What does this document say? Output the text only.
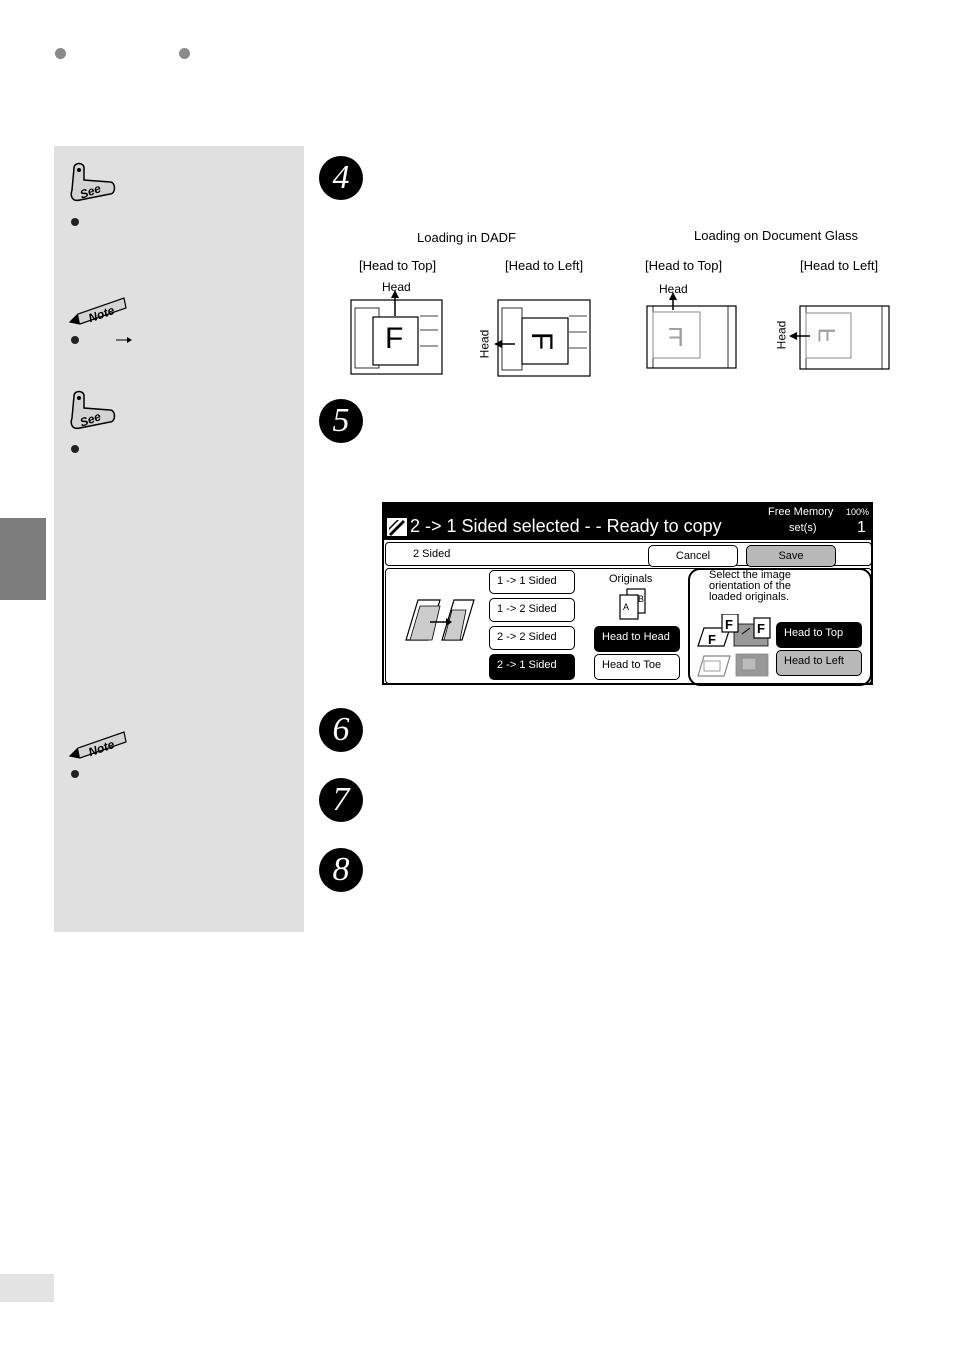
See
Note
See
Note
4
5
6
7
8
Loading in DADF	Loading on Document Glass
[Head to Top]	[Head to Left]	[Head to Top]	[Head to Left]
Head
F	F
Head	F
Head
F
Head
2 -> 1 Sided selected - - Ready to copy
Free Memory 100%
set(s)	1
2 Sided	Cancel	Save
1 -> 1 Sided
1 -> 2 Sided
2 -> 2 Sided
2 -> 1 Sided
Originals
B
A
Head to Head
Head to Toe
Select the image
orientation of the
loaded originals.
F
F F	Head to Top
Head to Left
